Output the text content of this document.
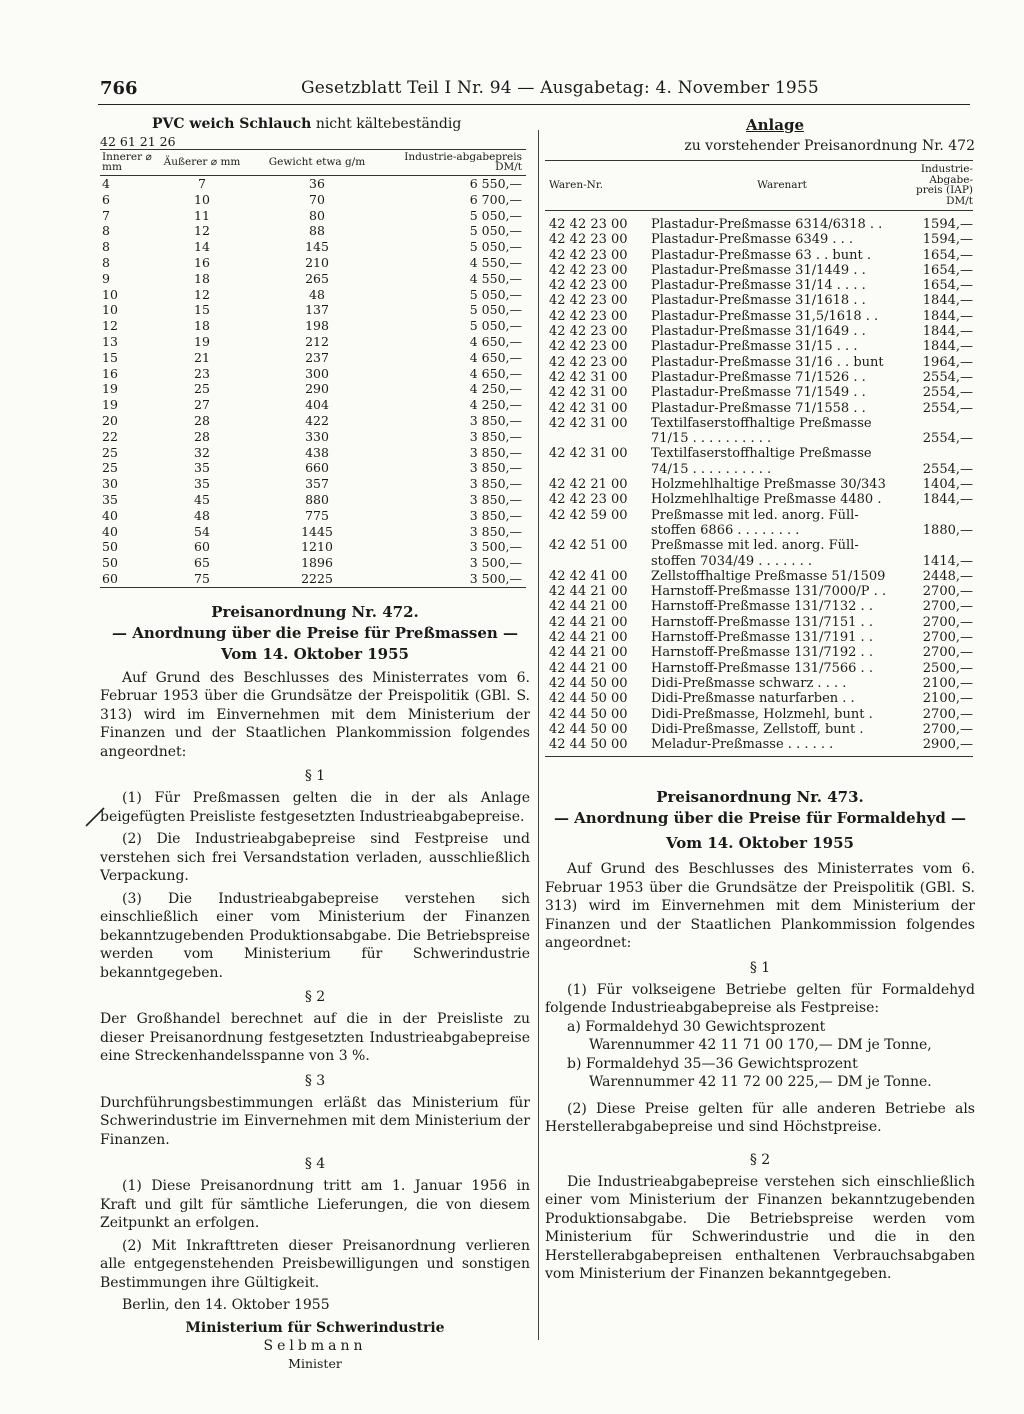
766	Gesetzblatt Teil I Nr. 94 — Ausgabetag: 4. November 1955
PVC weich Schlauch nicht kältebeständig
42 61 21 26
Innerer ⌀ mm	Äußerer ⌀ mm	Gewicht etwa g/m	Industrie-abgabepreis DM/t
4	7	36	6 550,—
6	10	70	6 700,—
7	11	80	5 050,—
8	12	88	5 050,—
8	14	145	5 050,—
8	16	210	4 550,—
9	18	265	4 550,—
10	12	48	5 050,—
10	15	137	5 050,—
12	18	198	5 050,—
13	19	212	4 650,—
15	21	237	4 650,—
16	23	300	4 650,—
19	25	290	4 250,—
19	27	404	4 250,—
20	28	422	3 850,—
22	28	330	3 850,—
25	32	438	3 850,—
25	35	660	3 850,—
30	35	357	3 850,—
35	45	880	3 850,—
40	48	775	3 850,—
40	54	1445	3 850,—
50	60	1210	3 500,—
50	65	1896	3 500,—
60	75	2225	3 500,—
Preisanordnung Nr. 472.
— Anordnung über die Preise für Preßmassen —
Vom 14. Oktober 1955

Auf Grund des Beschlusses des Ministerrates vom 6. Februar 1953 über die Grundsätze der Preispolitik (GBl. S. 313) wird im Einvernehmen mit dem Ministerium der Finanzen und der Staatlichen Plankommission folgendes angeordnet:

§ 1

(1) Für Preßmassen gelten die in der als Anlage beigefügten Preisliste festgesetzten Industrieabgabepreise.

(2) Die Industrieabgabepreise sind Festpreise und verstehen sich frei Versandstation verladen, ausschließlich Verpackung.

(3) Die Industrieabgabepreise verstehen sich einschließlich einer vom Ministerium der Finanzen bekanntzugebenden Produktionsabgabe. Die Betriebspreise werden vom Ministerium für Schwerindustrie bekanntgegeben.

§ 2

Der Großhandel berechnet auf die in der Preisliste zu dieser Preisanordnung festgesetzten Industrieabgabepreise eine Streckenhandelsspanne von 3 %.

§ 3

Durchführungsbestimmungen erläßt das Ministerium für Schwerindustrie im Einvernehmen mit dem Ministerium der Finanzen.

§ 4

(1) Diese Preisanordnung tritt am 1. Januar 1956 in Kraft und gilt für sämtliche Lieferungen, die von diesem Zeitpunkt an erfolgen.

(2) Mit Inkrafttreten dieser Preisanordnung verlieren alle entgegenstehenden Preisbewilligungen und sonstigen Bestimmungen ihre Gültigkeit.

Berlin, den 14. Oktober 1955

Ministerium für Schwerindustrie
Selbmann
Minister
Anlage
zu vorstehender Preisanordnung Nr. 472
Waren-Nr.	Warenart	Industrie-Abgabe-preis (IAP) DM/t
42 42 23 00	Plastadur-Preßmasse 6314/6318 . .	1594,—
42 42 23 00	Plastadur-Preßmasse 6349 . . .	1594,—
42 42 23 00	Plastadur-Preßmasse 63 . . bunt .	1654,—
42 42 23 00	Plastadur-Preßmasse 31/1449 . .	1654,—
42 42 23 00	Plastadur-Preßmasse 31/14 . . . .	1654,—
42 42 23 00	Plastadur-Preßmasse 31/1618 . .	1844,—
42 42 23 00	Plastadur-Preßmasse 31,5/1618 . .	1844,—
42 42 23 00	Plastadur-Preßmasse 31/1649 . .	1844,—
42 42 23 00	Plastadur-Preßmasse 31/15 . . .	1844,—
42 42 23 00	Plastadur-Preßmasse 31/16 . . bunt	1964,—
42 42 31 00	Plastadur-Preßmasse 71/1526 . .	2554,—
42 42 31 00	Plastadur-Preßmasse 71/1549 . .	2554,—
42 42 31 00	Plastadur-Preßmasse 71/1558 . .	2554,—
42 42 31 00	Textilfaserstoffhaltige Preßmasse	
	71/15 . . . . . . . . . .	2554,—
42 42 31 00	Textilfaserstoffhaltige Preßmasse	
	74/15 . . . . . . . . . .	2554,—
42 42 21 00	Holzmehlhaltige Preßmasse 30/343	1404,—
42 42 23 00	Holzmehlhaltige Preßmasse 4480 .	1844,—
42 42 59 00	Preßmasse mit led. anorg. Füll-	
	stoffen 6866 . . . . . . . .	1880,—
42 42 51 00	Preßmasse mit led. anorg. Füll-	
	stoffen 7034/49 . . . . . . .	1414,—
42 42 41 00	Zellstoffhaltige Preßmasse 51/1509	2448,—
42 44 21 00	Harnstoff-Preßmasse 131/7000/P . .	2700,—
42 44 21 00	Harnstoff-Preßmasse 131/7132 . .	2700,—
42 44 21 00	Harnstoff-Preßmasse 131/7151 . .	2700,—
42 44 21 00	Harnstoff-Preßmasse 131/7191 . .	2700,—
42 44 21 00	Harnstoff-Preßmasse 131/7192 . .	2700,—
42 44 21 00	Harnstoff-Preßmasse 131/7566 . .	2500,—
42 44 50 00	Didi-Preßmasse schwarz . . . .	2100,—
42 44 50 00	Didi-Preßmasse naturfarben . .	2100,—
42 44 50 00	Didi-Preßmasse, Holzmehl, bunt .	2700,—
42 44 50 00	Didi-Preßmasse, Zellstoff, bunt .	2700,—
42 44 50 00	Meladur-Preßmasse . . . . . .	2900,—
Preisanordnung Nr. 473.
— Anordnung über die Preise für Formaldehyd —
Vom 14. Oktober 1955

Auf Grund des Beschlusses des Ministerrates vom 6. Februar 1953 über die Grundsätze der Preispolitik (GBl. S. 313) wird im Einvernehmen mit dem Ministerium der Finanzen und der Staatlichen Plankommission folgendes angeordnet:

§ 1

(1) Für volkseigene Betriebe gelten für Formaldehyd folgende Industrieabgabepreise als Festpreise:

a) Formaldehyd 30 Gewichtsprozent
Warennummer 42 11 71 00 170,— DM je Tonne,
b) Formaldehyd 35—36 Gewichtsprozent
Warennummer 42 11 72 00 225,— DM je Tonne.

(2) Diese Preise gelten für alle anderen Betriebe als Herstellerabgabepreise und sind Höchstpreise.

§ 2

Die Industrieabgabepreise verstehen sich einschließlich einer vom Ministerium der Finanzen bekanntzugebenden Produktionsabgabe. Die Betriebspreise werden vom Ministerium für Schwerindustrie und die in den Herstellerabgabepreisen enthaltenen Verbrauchsabgaben vom Ministerium der Finanzen bekanntgegeben.
